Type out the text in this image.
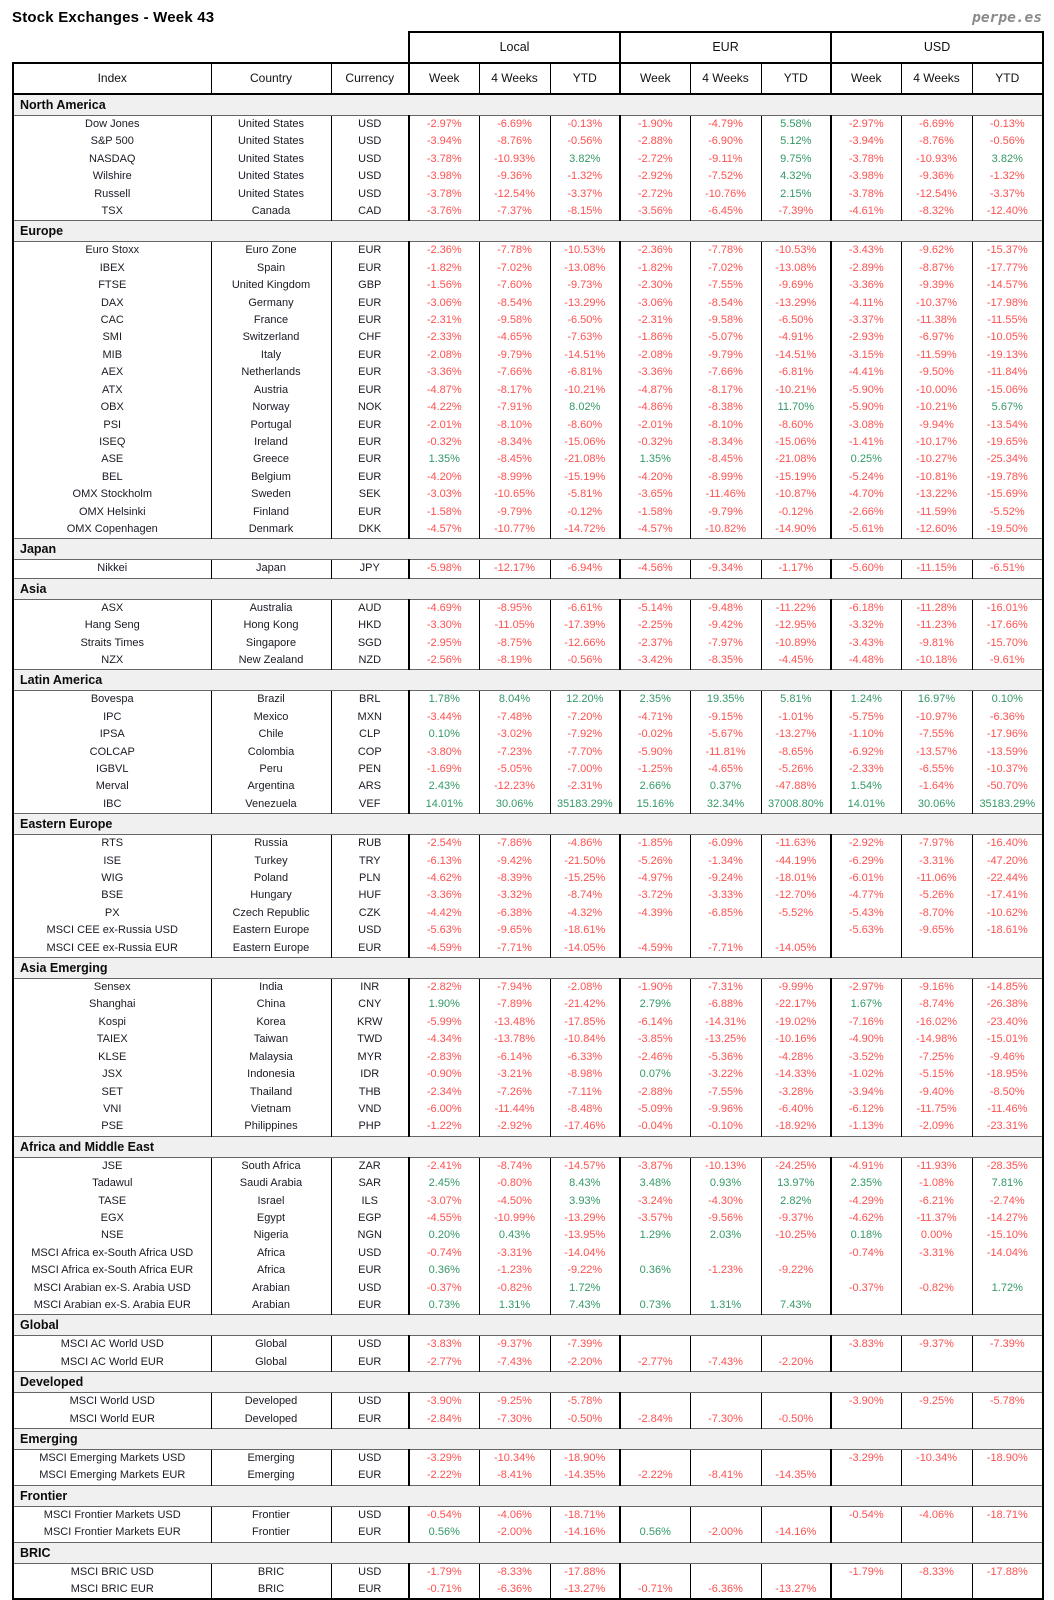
Stock Exchanges - Week 43	perpe.es
			Local			EUR			USD		
Index	Country	Currency	Week	4 Weeks	YTD	Week	4 Weeks	YTD	Week	4 Weeks	YTD
North America											
Dow Jones	United States	USD	-2.97%	-6.69%	-0.13%	-1.90%	-4.79%	5.58%	-2.97%	-6.69%	-0.13%
S&P 500	United States	USD	-3.94%	-8.76%	-0.56%	-2.88%	-6.90%	5.12%	-3.94%	-8.76%	-0.56%
NASDAQ	United States	USD	-3.78%	-10.93%	3.82%	-2.72%	-9.11%	9.75%	-3.78%	-10.93%	3.82%
Wilshire	United States	USD	-3.98%	-9.36%	-1.32%	-2.92%	-7.52%	4.32%	-3.98%	-9.36%	-1.32%
Russell	United States	USD	-3.78%	-12.54%	-3.37%	-2.72%	-10.76%	2.15%	-3.78%	-12.54%	-3.37%
TSX	Canada	CAD	-3.76%	-7.37%	-8.15%	-3.56%	-6.45%	-7.39%	-4.61%	-8.32%	-12.40%
Europe											
Euro Stoxx	Euro Zone	EUR	-2.36%	-7.78%	-10.53%	-2.36%	-7.78%	-10.53%	-3.43%	-9.62%	-15.37%
IBEX	Spain	EUR	-1.82%	-7.02%	-13.08%	-1.82%	-7.02%	-13.08%	-2.89%	-8.87%	-17.77%
FTSE	United Kingdom	GBP	-1.56%	-7.60%	-9.73%	-2.30%	-7.55%	-9.69%	-3.36%	-9.39%	-14.57%
DAX	Germany	EUR	-3.06%	-8.54%	-13.29%	-3.06%	-8.54%	-13.29%	-4.11%	-10.37%	-17.98%
CAC	France	EUR	-2.31%	-9.58%	-6.50%	-2.31%	-9.58%	-6.50%	-3.37%	-11.38%	-11.55%
SMI	Switzerland	CHF	-2.33%	-4.65%	-7.63%	-1.86%	-5.07%	-4.91%	-2.93%	-6.97%	-10.05%
MIB	Italy	EUR	-2.08%	-9.79%	-14.51%	-2.08%	-9.79%	-14.51%	-3.15%	-11.59%	-19.13%
AEX	Netherlands	EUR	-3.36%	-7.66%	-6.81%	-3.36%	-7.66%	-6.81%	-4.41%	-9.50%	-11.84%
ATX	Austria	EUR	-4.87%	-8.17%	-10.21%	-4.87%	-8.17%	-10.21%	-5.90%	-10.00%	-15.06%
OBX	Norway	NOK	-4.22%	-7.91%	8.02%	-4.86%	-8.38%	11.70%	-5.90%	-10.21%	5.67%
PSI	Portugal	EUR	-2.01%	-8.10%	-8.60%	-2.01%	-8.10%	-8.60%	-3.08%	-9.94%	-13.54%
ISEQ	Ireland	EUR	-0.32%	-8.34%	-15.06%	-0.32%	-8.34%	-15.06%	-1.41%	-10.17%	-19.65%
ASE	Greece	EUR	1.35%	-8.45%	-21.08%	1.35%	-8.45%	-21.08%	0.25%	-10.27%	-25.34%
BEL	Belgium	EUR	-4.20%	-8.99%	-15.19%	-4.20%	-8.99%	-15.19%	-5.24%	-10.81%	-19.78%
OMX Stockholm	Sweden	SEK	-3.03%	-10.65%	-5.81%	-3.65%	-11.46%	-10.87%	-4.70%	-13.22%	-15.69%
OMX Helsinki	Finland	EUR	-1.58%	-9.79%	-0.12%	-1.58%	-9.79%	-0.12%	-2.66%	-11.59%	-5.52%
OMX Copenhagen	Denmark	DKK	-4.57%	-10.77%	-14.72%	-4.57%	-10.82%	-14.90%	-5.61%	-12.60%	-19.50%
Japan											
Nikkei	Japan	JPY	-5.98%	-12.17%	-6.94%	-4.56%	-9.34%	-1.17%	-5.60%	-11.15%	-6.51%
Asia											
ASX	Australia	AUD	-4.69%	-8.95%	-6.61%	-5.14%	-9.48%	-11.22%	-6.18%	-11.28%	-16.01%
Hang Seng	Hong Kong	HKD	-3.30%	-11.05%	-17.39%	-2.25%	-9.42%	-12.95%	-3.32%	-11.23%	-17.66%
Straits Times	Singapore	SGD	-2.95%	-8.75%	-12.66%	-2.37%	-7.97%	-10.89%	-3.43%	-9.81%	-15.70%
NZX	New Zealand	NZD	-2.56%	-8.19%	-0.56%	-3.42%	-8.35%	-4.45%	-4.48%	-10.18%	-9.61%
Latin America											
Bovespa	Brazil	BRL	1.78%	8.04%	12.20%	2.35%	19.35%	5.81%	1.24%	16.97%	0.10%
IPC	Mexico	MXN	-3.44%	-7.48%	-7.20%	-4.71%	-9.15%	-1.01%	-5.75%	-10.97%	-6.36%
IPSA	Chile	CLP	0.10%	-3.02%	-7.92%	-0.02%	-5.67%	-13.27%	-1.10%	-7.55%	-17.96%
COLCAP	Colombia	COP	-3.80%	-7.23%	-7.70%	-5.90%	-11.81%	-8.65%	-6.92%	-13.57%	-13.59%
IGBVL	Peru	PEN	-1.69%	-5.05%	-7.00%	-1.25%	-4.65%	-5.26%	-2.33%	-6.55%	-10.37%
Merval	Argentina	ARS	2.43%	-12.23%	-2.31%	2.66%	0.37%	-47.88%	1.54%	-1.64%	-50.70%
IBC	Venezuela	VEF	14.01%	30.06%	35183.29%	15.16%	32.34%	37008.80%	14.01%	30.06%	35183.29%
Eastern Europe											
RTS	Russia	RUB	-2.54%	-7.86%	-4.86%	-1.85%	-6.09%	-11.63%	-2.92%	-7.97%	-16.40%
ISE	Turkey	TRY	-6.13%	-9.42%	-21.50%	-5.26%	-1.34%	-44.19%	-6.29%	-3.31%	-47.20%
WIG	Poland	PLN	-4.62%	-8.39%	-15.25%	-4.97%	-9.24%	-18.01%	-6.01%	-11.06%	-22.44%
BSE	Hungary	HUF	-3.36%	-3.32%	-8.74%	-3.72%	-3.33%	-12.70%	-4.77%	-5.26%	-17.41%
PX	Czech Republic	CZK	-4.42%	-6.38%	-4.32%	-4.39%	-6.85%	-5.52%	-5.43%	-8.70%	-10.62%
MSCI CEE ex-Russia USD	Eastern Europe	USD	-5.63%	-9.65%	-18.61%				-5.63%	-9.65%	-18.61%
MSCI CEE ex-Russia EUR	Eastern Europe	EUR	-4.59%	-7.71%	-14.05%	-4.59%	-7.71%	-14.05%			
Asia Emerging											
Sensex	India	INR	-2.82%	-7.94%	-2.08%	-1.90%	-7.31%	-9.99%	-2.97%	-9.16%	-14.85%
Shanghai	China	CNY	1.90%	-7.89%	-21.42%	2.79%	-6.88%	-22.17%	1.67%	-8.74%	-26.38%
Kospi	Korea	KRW	-5.99%	-13.48%	-17.85%	-6.14%	-14.31%	-19.02%	-7.16%	-16.02%	-23.40%
TAIEX	Taiwan	TWD	-4.34%	-13.78%	-10.84%	-3.85%	-13.25%	-10.16%	-4.90%	-14.98%	-15.01%
KLSE	Malaysia	MYR	-2.83%	-6.14%	-6.33%	-2.46%	-5.36%	-4.28%	-3.52%	-7.25%	-9.46%
JSX	Indonesia	IDR	-0.90%	-3.21%	-8.98%	0.07%	-3.22%	-14.33%	-1.02%	-5.15%	-18.95%
SET	Thailand	THB	-2.34%	-7.26%	-7.11%	-2.88%	-7.55%	-3.28%	-3.94%	-9.40%	-8.50%
VNI	Vietnam	VND	-6.00%	-11.44%	-8.48%	-5.09%	-9.96%	-6.40%	-6.12%	-11.75%	-11.46%
PSE	Philippines	PHP	-1.22%	-2.92%	-17.46%	-0.04%	-0.10%	-18.92%	-1.13%	-2.09%	-23.31%
Africa and Middle East											
JSE	South Africa	ZAR	-2.41%	-8.74%	-14.57%	-3.87%	-10.13%	-24.25%	-4.91%	-11.93%	-28.35%
Tadawul	Saudi Arabia	SAR	2.45%	-0.80%	8.43%	3.48%	0.93%	13.97%	2.35%	-1.08%	7.81%
TASE	Israel	ILS	-3.07%	-4.50%	3.93%	-3.24%	-4.30%	2.82%	-4.29%	-6.21%	-2.74%
EGX	Egypt	EGP	-4.55%	-10.99%	-13.29%	-3.57%	-9.56%	-9.37%	-4.62%	-11.37%	-14.27%
NSE	Nigeria	NGN	0.20%	0.43%	-13.95%	1.29%	2.03%	-10.25%	0.18%	0.00%	-15.10%
MSCI Africa ex-South Africa USD	Africa	USD	-0.74%	-3.31%	-14.04%				-0.74%	-3.31%	-14.04%
MSCI Africa ex-South Africa EUR	Africa	EUR	0.36%	-1.23%	-9.22%	0.36%	-1.23%	-9.22%			
MSCI Arabian ex-S. Arabia USD	Arabian	USD	-0.37%	-0.82%	1.72%				-0.37%	-0.82%	1.72%
MSCI Arabian ex-S. Arabia EUR	Arabian	EUR	0.73%	1.31%	7.43%	0.73%	1.31%	7.43%			
Global											
MSCI AC World USD	Global	USD	-3.83%	-9.37%	-7.39%				-3.83%	-9.37%	-7.39%
MSCI AC World EUR	Global	EUR	-2.77%	-7.43%	-2.20%	-2.77%	-7.43%	-2.20%			
Developed											
MSCI World USD	Developed	USD	-3.90%	-9.25%	-5.78%				-3.90%	-9.25%	-5.78%
MSCI World EUR	Developed	EUR	-2.84%	-7.30%	-0.50%	-2.84%	-7.30%	-0.50%			
Emerging											
MSCI Emerging Markets USD	Emerging	USD	-3.29%	-10.34%	-18.90%				-3.29%	-10.34%	-18.90%
MSCI Emerging Markets EUR	Emerging	EUR	-2.22%	-8.41%	-14.35%	-2.22%	-8.41%	-14.35%			
Frontier											
MSCI Frontier Markets USD	Frontier	USD	-0.54%	-4.06%	-18.71%				-0.54%	-4.06%	-18.71%
MSCI Frontier Markets EUR	Frontier	EUR	0.56%	-2.00%	-14.16%	0.56%	-2.00%	-14.16%			
BRIC											
MSCI BRIC USD	BRIC	USD	-1.79%	-8.33%	-17.88%				-1.79%	-8.33%	-17.88%
MSCI BRIC EUR	BRIC	EUR	-0.71%	-6.36%	-13.27%	-0.71%	-6.36%	-13.27%			
